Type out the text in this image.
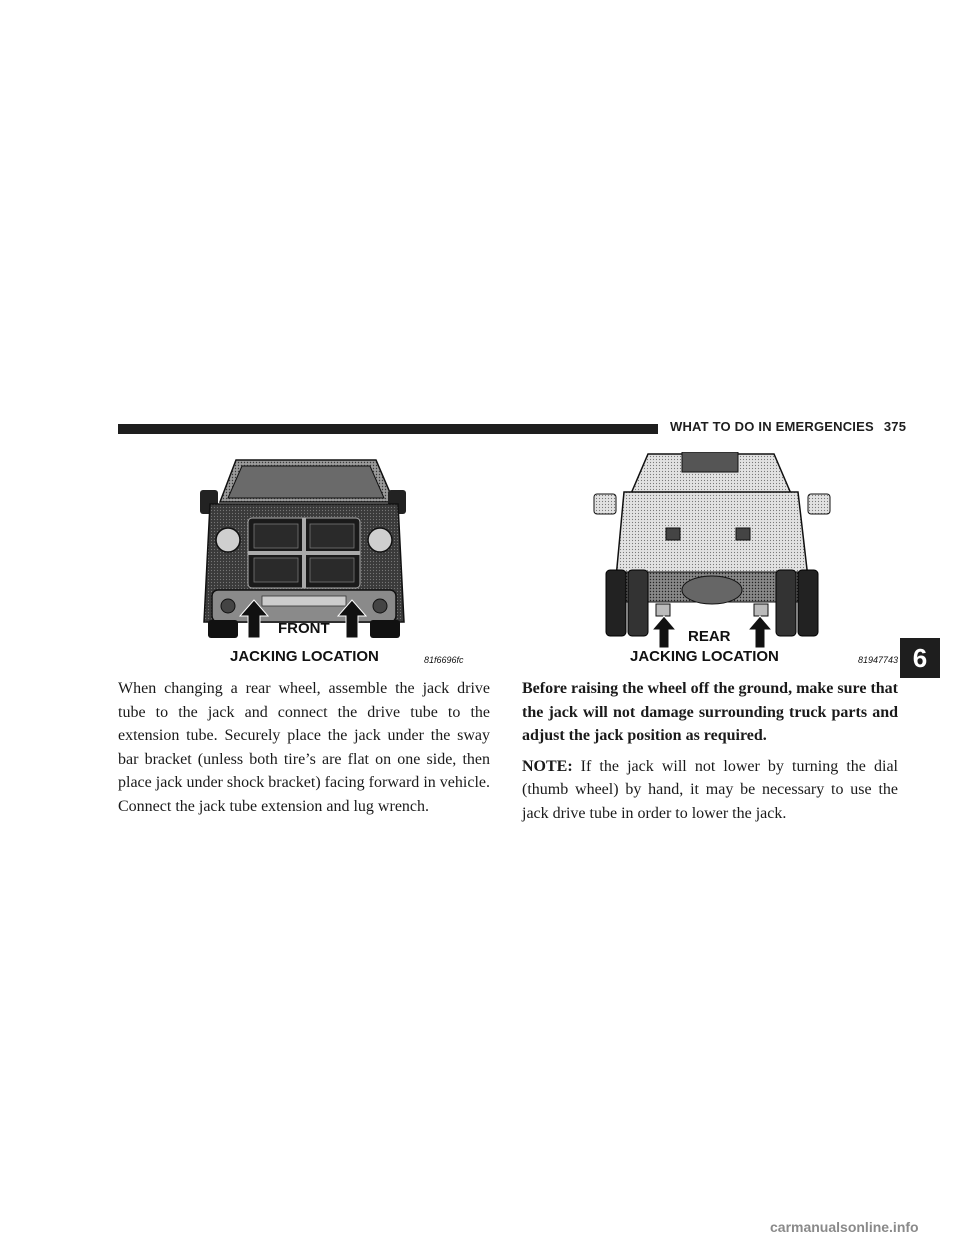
WHAT TO DO IN EMERGENCIES 375
FRONT
JACKING LOCATION	81f6696fc
REAR
JACKING LOCATION	81947743

When changing a rear wheel, assemble the jack drive tube to the jack and connect the drive tube to the extension tube. Securely place the jack under the sway bar bracket (unless both tire’s are flat on one side, then place jack under shock bracket) facing forward in vehicle. Connect the jack tube extension and lug wrench.

Before raising the wheel off the ground, make sure that the jack will not damage surrounding truck parts and adjust the jack position as required.

NOTE: If the jack will not lower by turning the dial (thumb wheel) by hand, it may be necessary to use the jack drive tube in order to lower the jack.

6
carmanualsonline.info
